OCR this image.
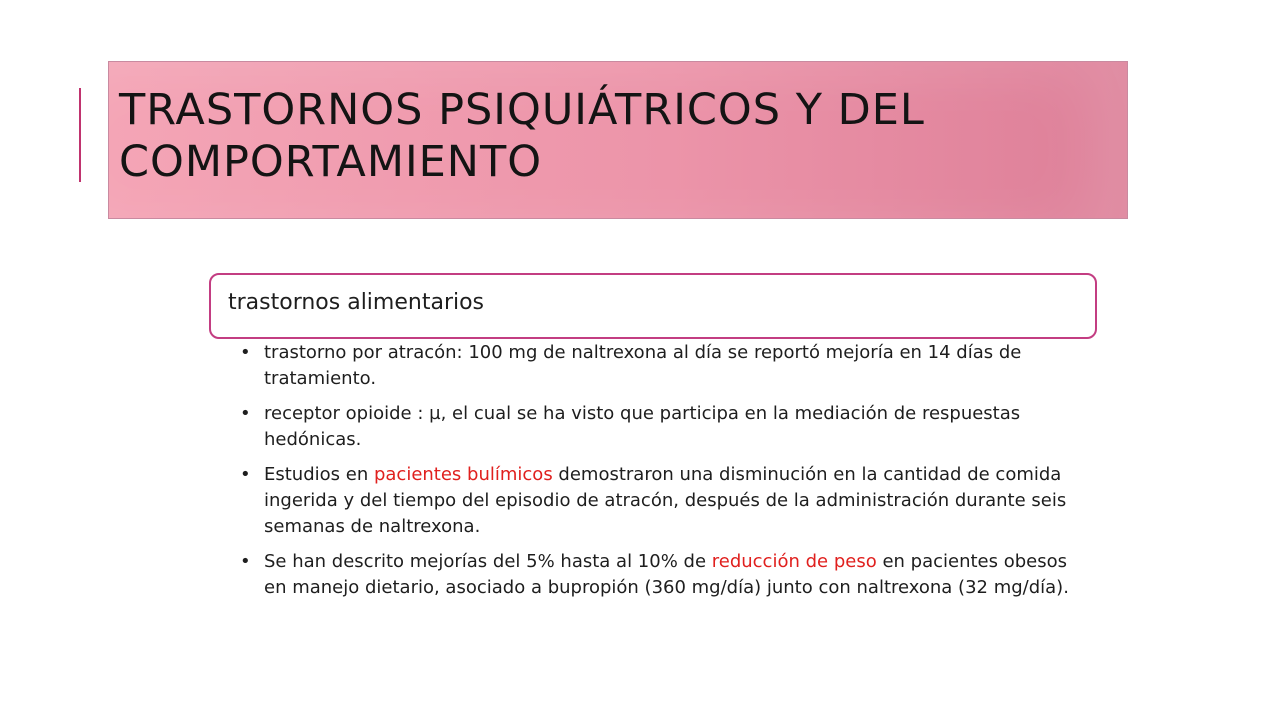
TRASTORNOS PSIQUIÁTRICOS Y DEL COMPORTAMIENTO
trastornos alimentarios
• trastorno por atracón: 100 mg de naltrexona al día se reportó mejoría en 14 días de tratamiento.
• receptor opioide : µ, el cual se ha visto que participa en la mediación de respuestas hedónicas.
• Estudios en pacientes bulímicos demostraron una disminución en la cantidad de comida ingerida y del tiempo del episodio de atracón, después de la administración durante seis semanas de naltrexona.
• Se han descrito mejorías del 5% hasta al 10% de reducción de peso en pacientes obesos en manejo dietario, asociado a bupropión (360 mg/día) junto con naltrexona (32 mg/día).
